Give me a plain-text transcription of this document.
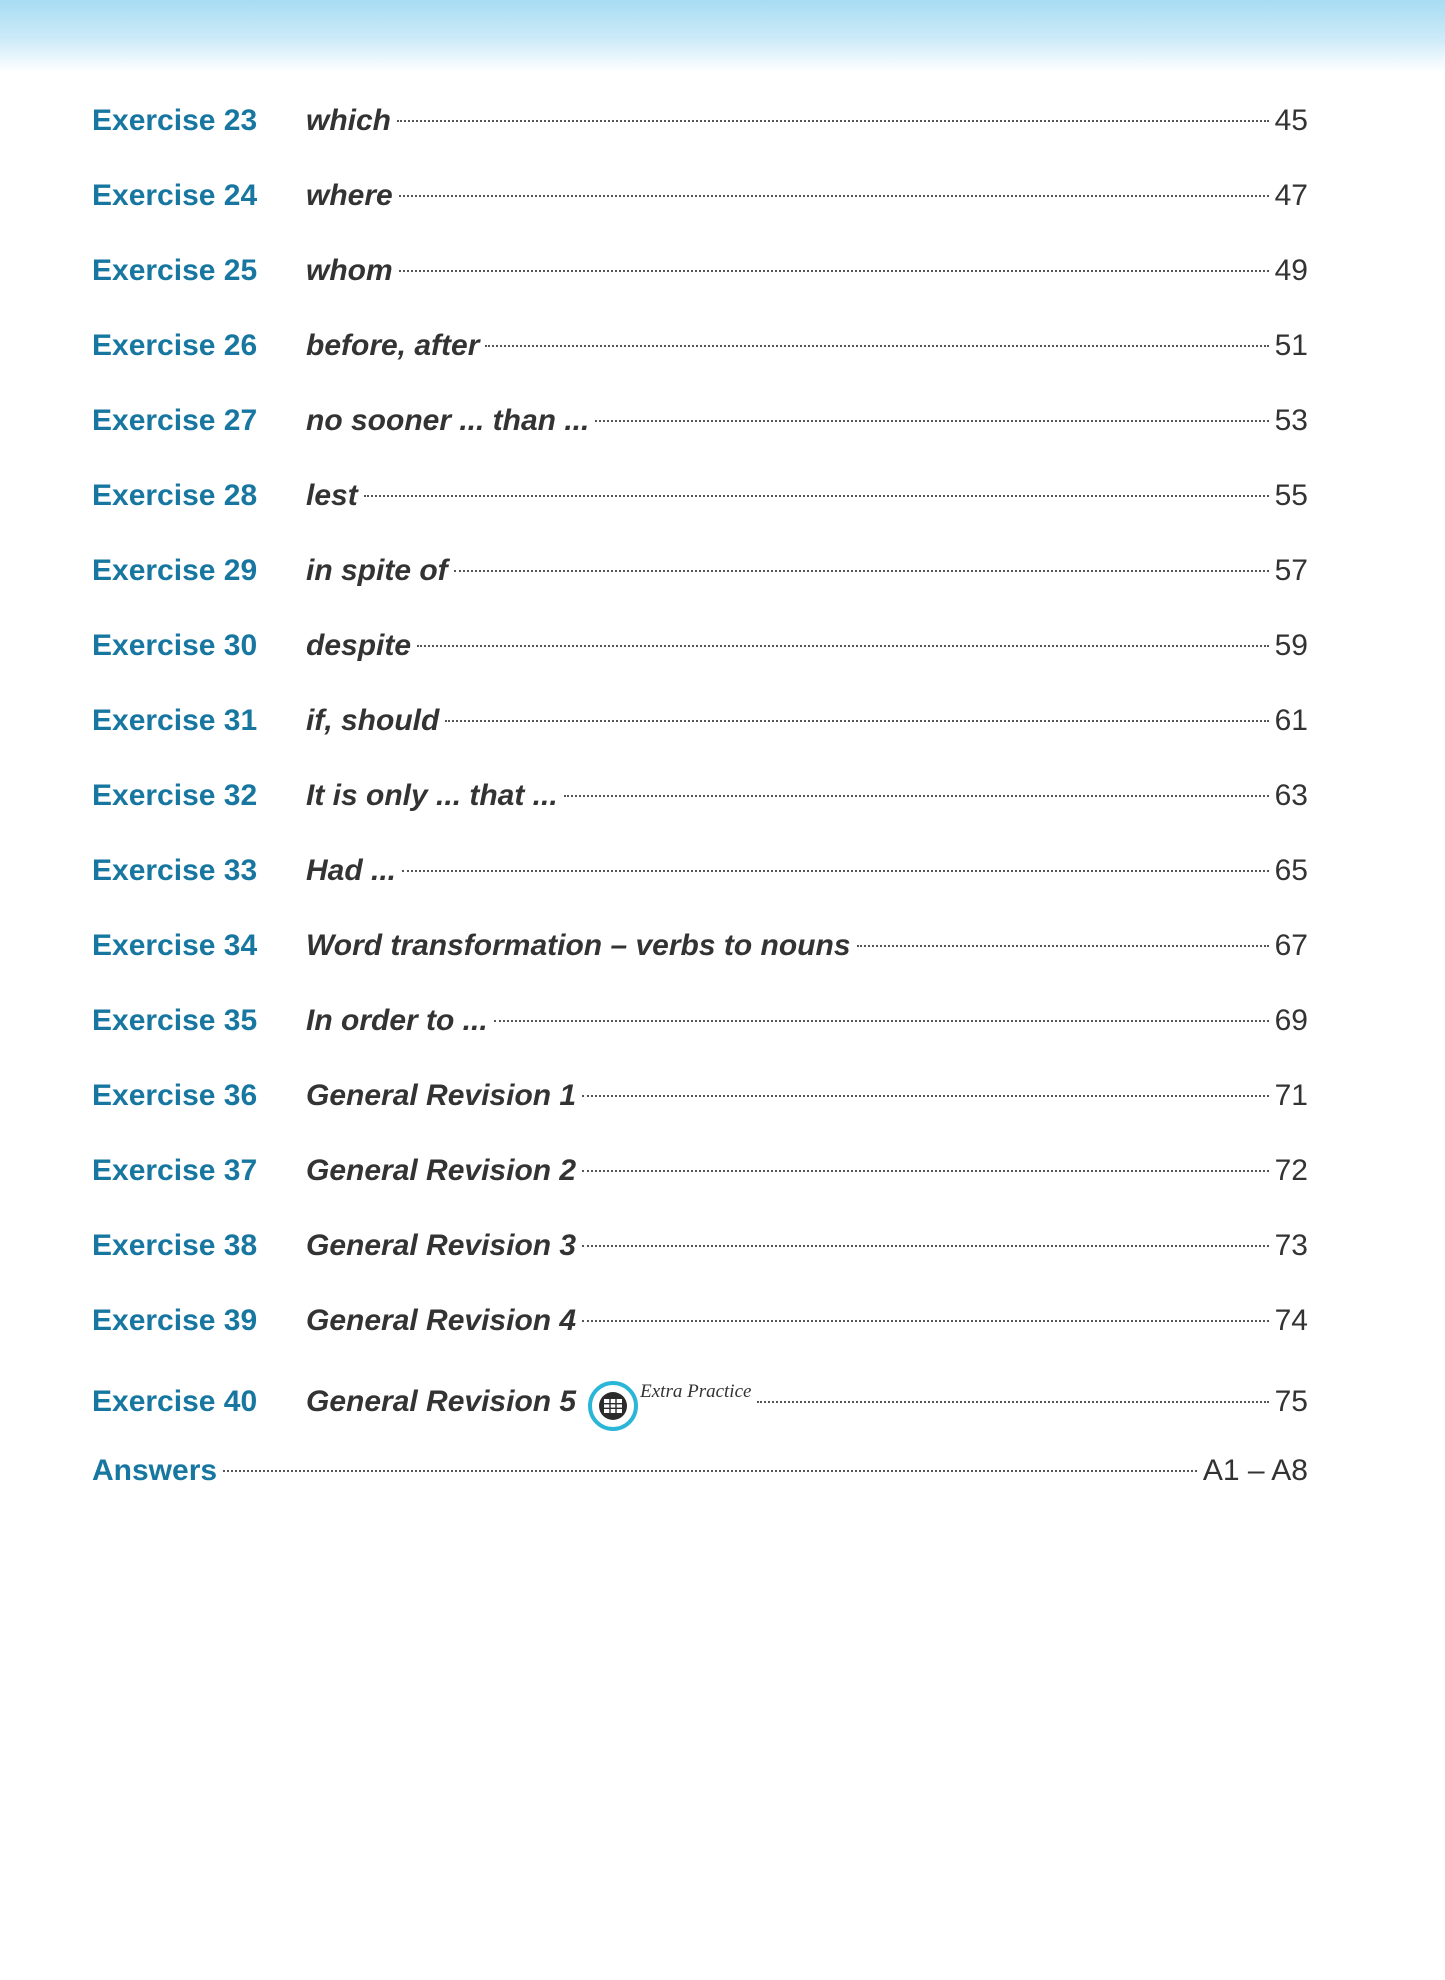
Exercise 23	which	45
Exercise 24	where	47
Exercise 25	whom	49
Exercise 26	before, after	51
Exercise 27	no sooner ... than ...	53
Exercise 28	lest	55
Exercise 29	in spite of	57
Exercise 30	despite	59
Exercise 31	if, should	61
Exercise 32	It is only ... that ...	63
Exercise 33	Had ...	65
Exercise 34	Word transformation – verbs to nouns	67
Exercise 35	In order to ...	69
Exercise 36	General Revision 1	71
Exercise 37	General Revision 2	72
Exercise 38	General Revision 3	73
Exercise 39	General Revision 4	74
Exercise 40	General Revision 5	Extra Practice	75
Answers	A1 – A8
